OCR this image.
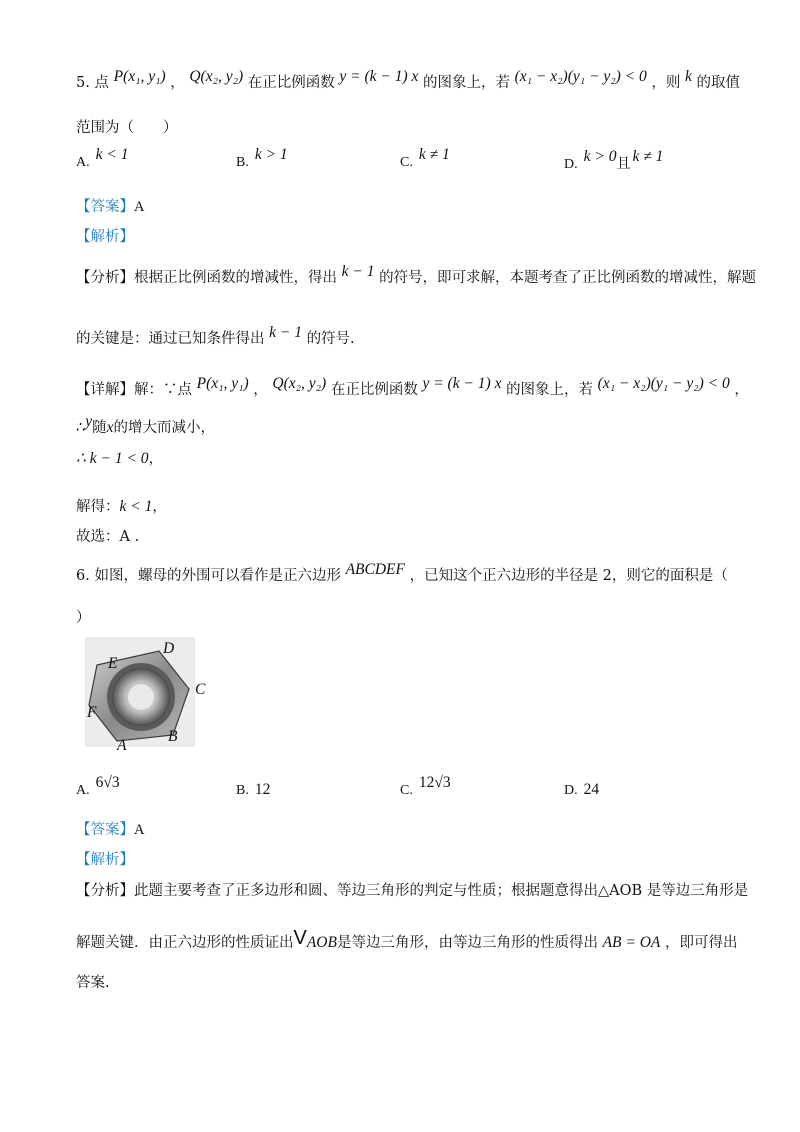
5. 点 P(x₁, y₁) ， Q(x₂, y₂) 在正比例函数 y = (k − 1) x 的图象上，若 (x₁ − x₂)(y₁ − y₂) < 0 ，则 k 的取值
范围为（　　）
A. k < 1	B. k > 1	C. k ≠ 1
D. k > 0且 k ≠ 1
【答案】A
【解析】
【分析】根据正比例函数的增减性，得出 k − 1 的符号，即可求解，本题考查了正比例函数的增减性，解题
的关键是：通过已知条件得出 k − 1 的符号.
【详解】解：∵点 P(x₁, y₁) ， Q(x₂, y₂) 在正比例函数 y = (k − 1) x 的图象上，若 (x₁ − x₂)(y₁ − y₂) < 0 ，
∴y随x的增大而减小，
∴ k − 1 < 0，
解得：k < 1，
故选：A .
6. 如图，螺母的外围可以看作是正六边形 ABCDEF ，已知这个正六边形的半径是 2，则它的面积是（
）
D
E
C
F
B
A
A. 6√3	B. 12	C. 12√3	D. 24
【答案】A
【解析】
【分析】此题主要考查了正多边形和圆、等边三角形的判定与性质；根据题意得出△AOB 是等边三角形是
解题关键．由正六边形的性质证出VAOB是等边三角形，由等边三角形的性质得出 AB = OA ，即可得出
答案.
